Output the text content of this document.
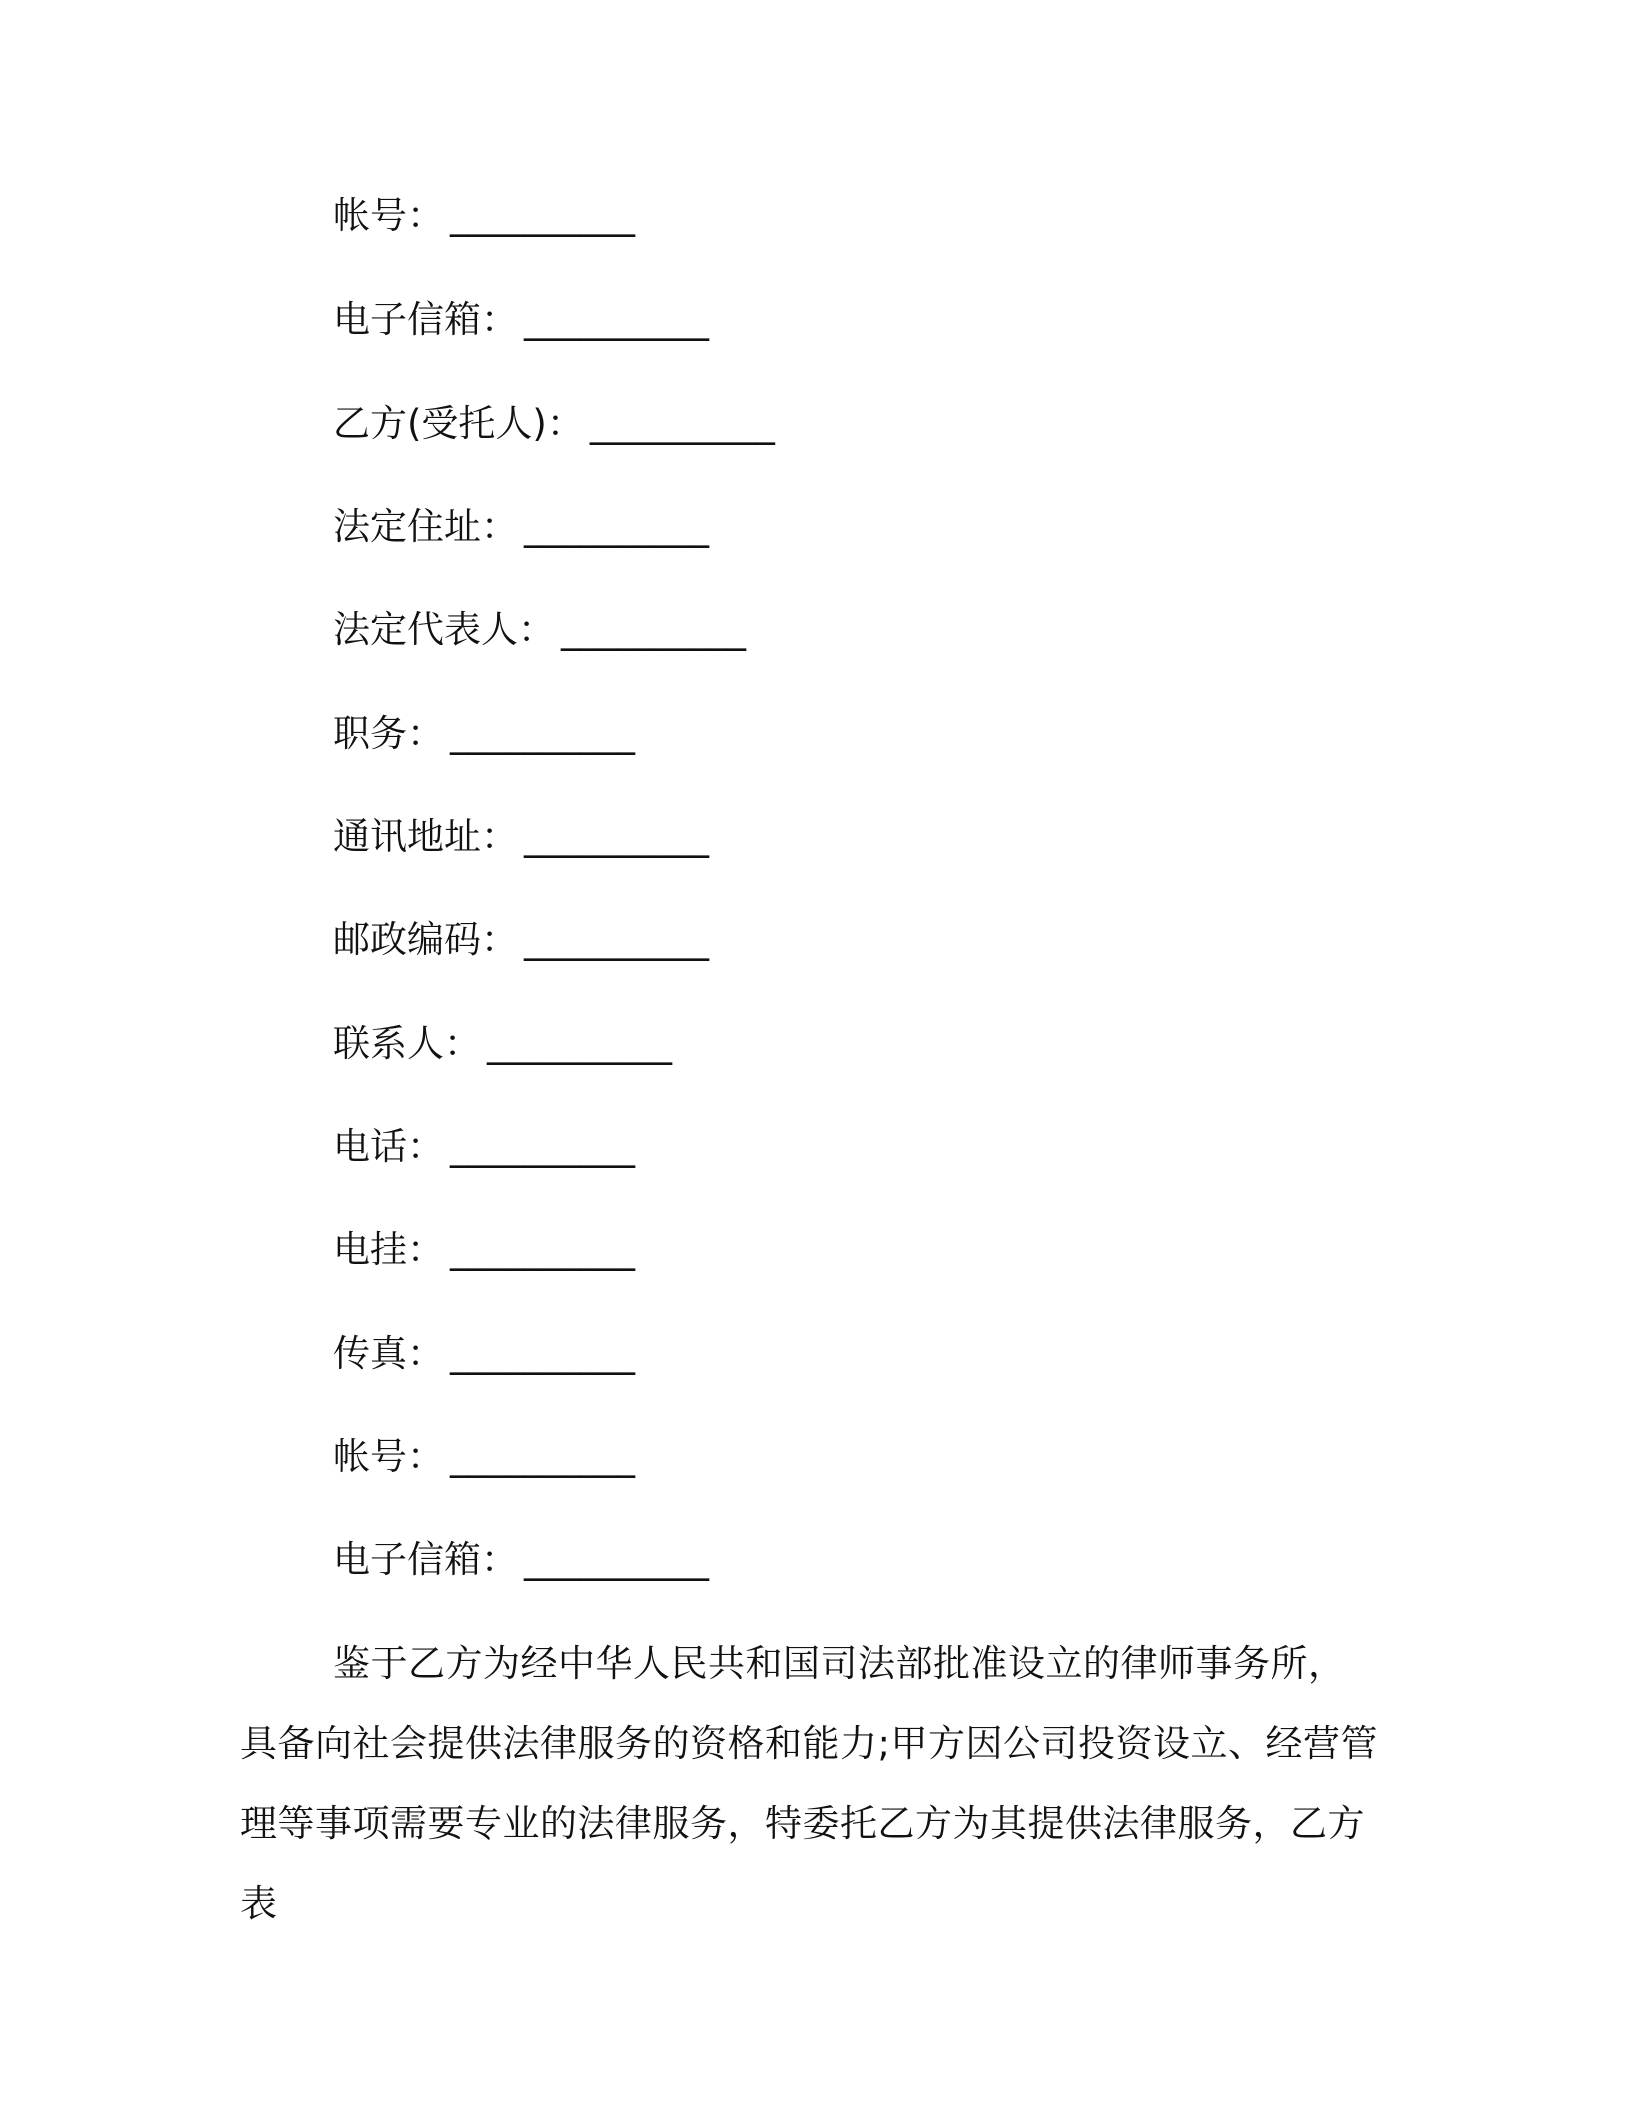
帐号： __________
电子信箱： __________
乙方(受托人)： __________
法定住址： __________
法定代表人： __________
职务： __________
通讯地址： __________
邮政编码： __________
联系人： __________
电话： __________
电挂： __________
传真： __________
帐号： __________
电子信箱： __________

鉴于乙方为经中华人民共和国司法部批准设立的律师事务所，具备向社会提供法律服务的资格和能力;甲方因公司投资设立、经营管理等事项需要专业的法律服务，特委托乙方为其提供法律服务，乙方表
